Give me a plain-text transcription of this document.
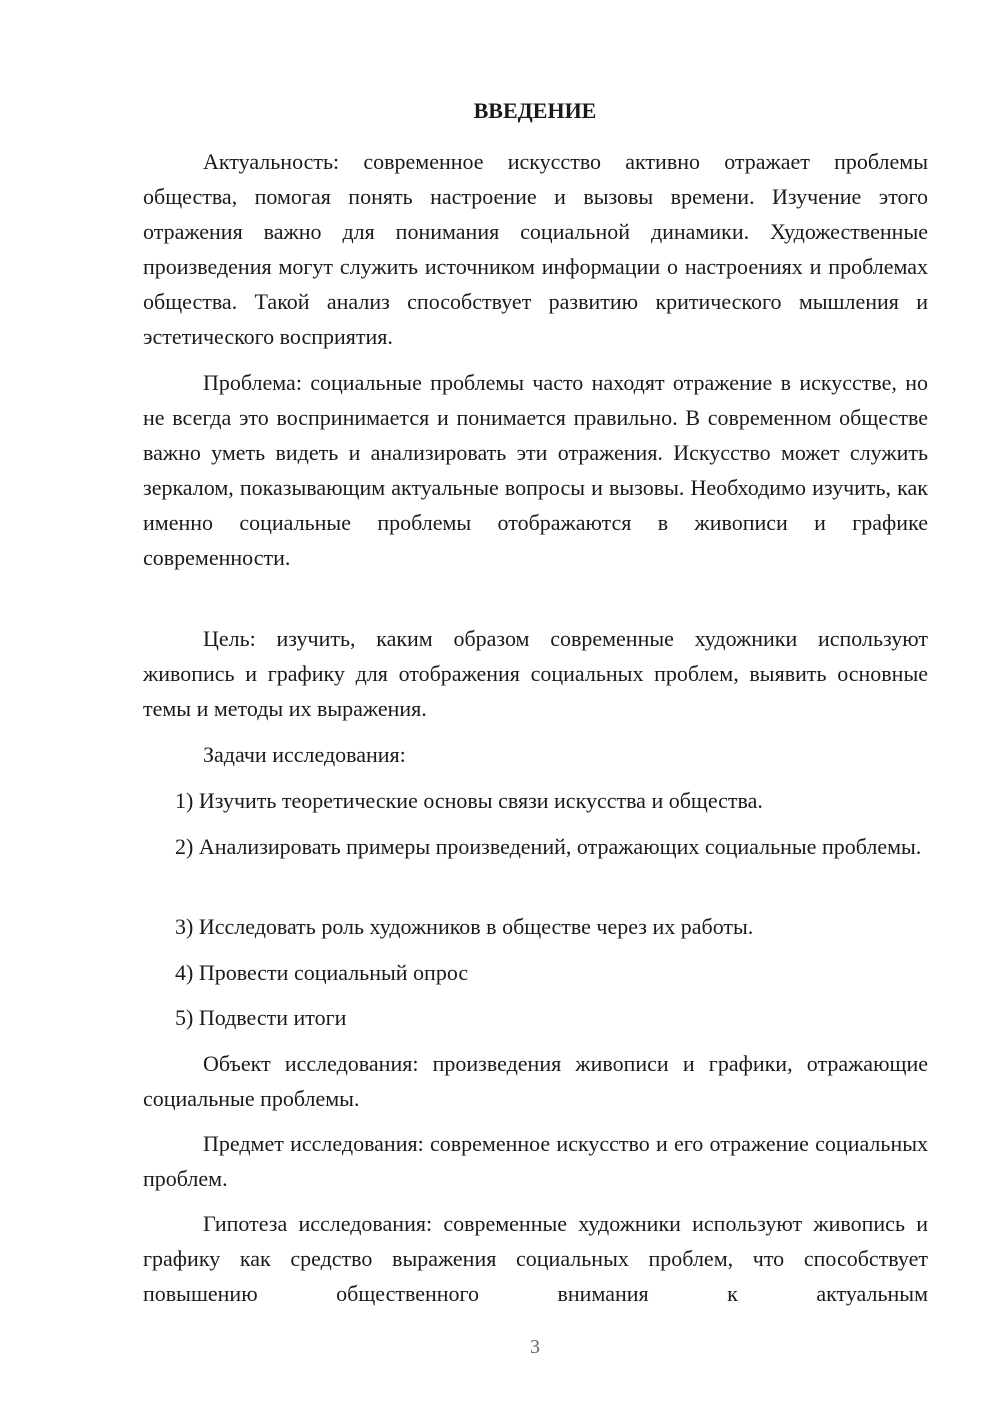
ВВЕДЕНИЕ

Актуальность: современное искусство активно отражает проблемы общества, помогая понять настроение и вызовы времени. Изучение этого отражения важно для понимания социальной динамики. Художественные произведения могут служить источником информации о настроениях и проблемах общества. Такой анализ способствует развитию критического мышления и эстетического восприятия.

Проблема: социальные проблемы часто находят отражение в искусстве, но не всегда это воспринимается и понимается правильно. В современном обществе важно уметь видеть и анализировать эти отражения. Искусство может служить зеркалом, показывающим актуальные вопросы и вызовы. Необходимо изучить, как именно социальные проблемы отображаются в живописи и графике современности.

Цель: изучить, каким образом современные художники используют живопись и графику для отображения социальных проблем, выявить основные темы и методы их выражения.

Задачи исследования:

1) Изучить теоретические основы связи искусства и общества.

2) Анализировать примеры произведений, отражающих социальные проблемы.

3) Исследовать роль художников в обществе через их работы.

4) Провести социальный опрос

5) Подвести итоги

Объект исследования: произведения живописи и графики, отражающие социальные проблемы.

Предмет исследования: современное искусство и его отражение социальных проблем.

Гипотеза исследования: современные художники используют живопись и графику как средство выражения социальных проблем, что способствует повышению общественного внимания к актуальным

3
